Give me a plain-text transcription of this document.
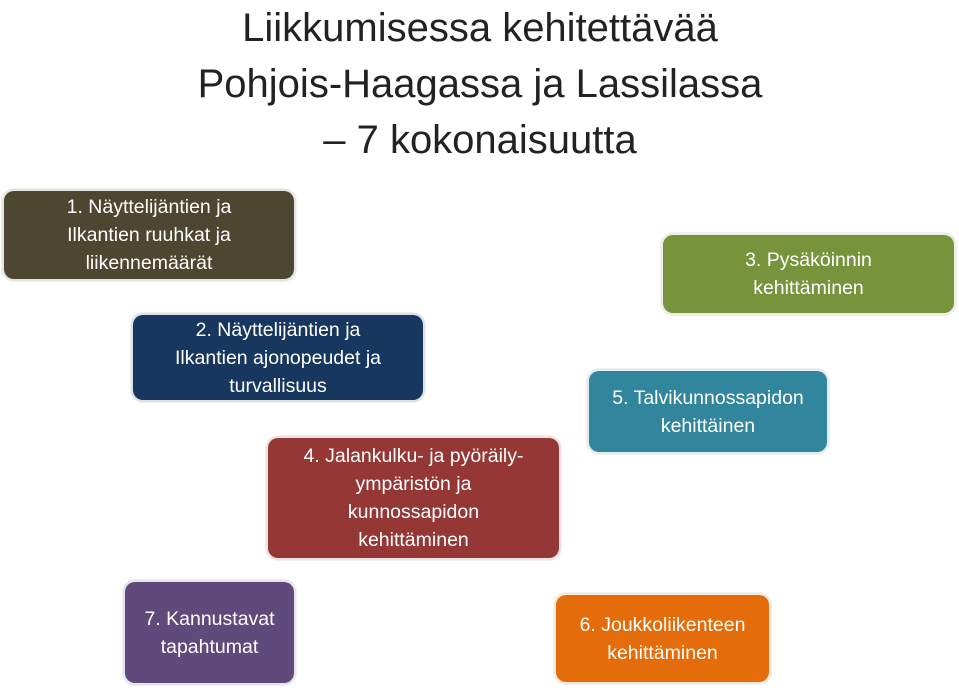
Liikkumisessa kehitettävää
Pohjois-Haagassa ja Lassilassa
– 7 kokonaisuutta
1. Näyttelijäntien ja
Ilkantien ruuhkat ja
liikennemäärät
2. Näyttelijäntien ja
Ilkantien ajonopeudet ja
turvallisuus
3. Pysäköinnin
kehittäminen
4. Jalankulku- ja pyöräily-
ympäristön ja
kunnossapidon
kehittäminen
5. Talvikunnossapidon
kehittäinen
6. Joukkoliikenteen
kehittäminen
7. Kannustavat
tapahtumat
